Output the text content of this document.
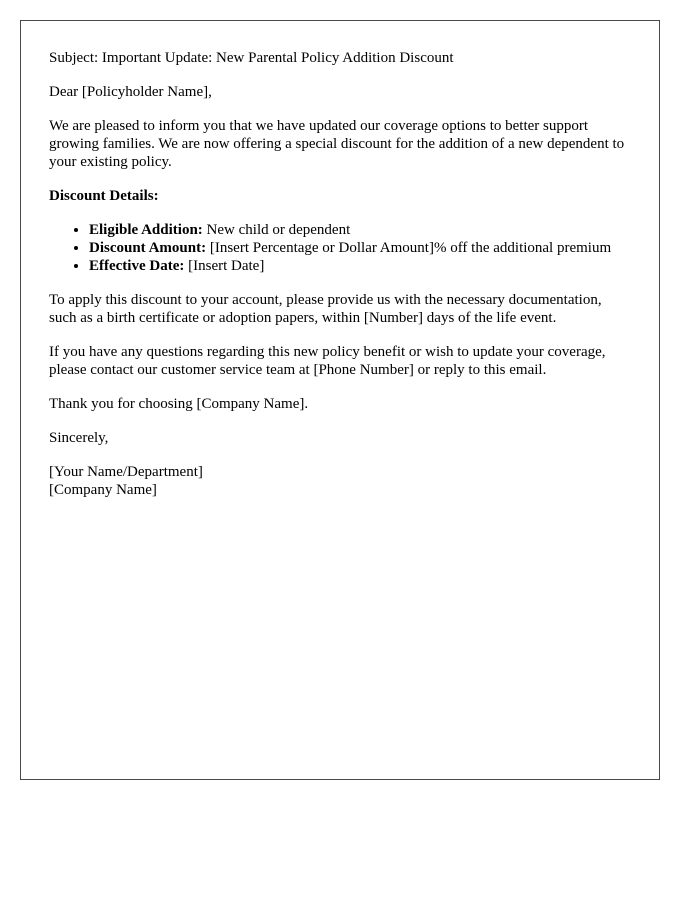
Subject: Important Update: New Parental Policy Addition Discount

Dear [Policyholder Name],

We are pleased to inform you that we have updated our coverage options to better support growing families. We are now offering a special discount for the addition of a new dependent to your existing policy.

Discount Details:

• Eligible Addition: New child or dependent
• Discount Amount: [Insert Percentage or Dollar Amount]% off the additional premium
• Effective Date: [Insert Date]

To apply this discount to your account, please provide us with the necessary documentation, such as a birth certificate or adoption papers, within [Number] days of the life event.

If you have any questions regarding this new policy benefit or wish to update your coverage, please contact our customer service team at [Phone Number] or reply to this email.

Thank you for choosing [Company Name].

Sincerely,

[Your Name/Department]

[Company Name]
